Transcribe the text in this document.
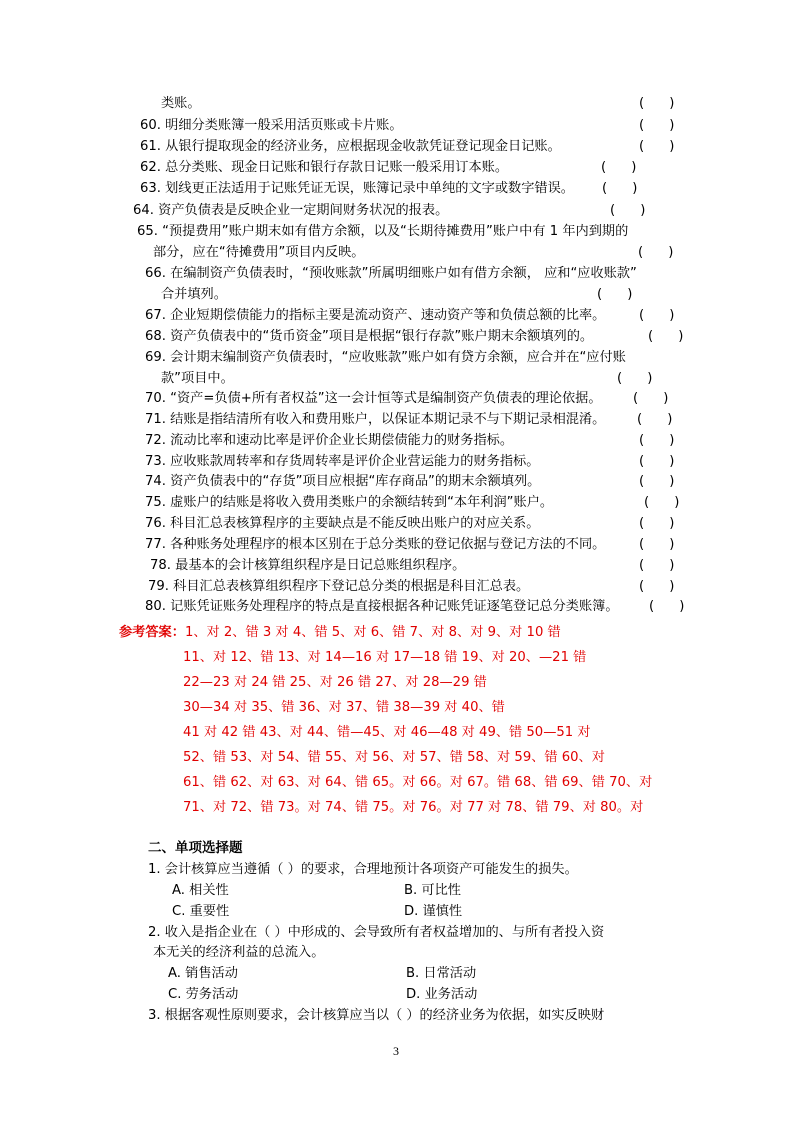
类账。	(      )
60. 明细分类账簿一般采用活页账或卡片账。	(      )
61. 从银行提取现金的经济业务，应根据现金收款凭证登记现金日记账。	(      )
62. 总分类账、现金日记账和银行存款日记账一般采用订本账。	(      )
63. 划线更正法适用于记账凭证无误，账簿记录中单纯的文字或数字错误。 (      )
64. 资产负债表是反映企业一定期间财务状况的报表。	(      )
65. “预提费用”账户期末如有借方余额，以及“长期待摊费用”账户中有 1 年内到期的
部分，应在“待摊费用”项目内反映。	(      )
66. 在编制资产负债表时，“预收账款”所属明细账户如有借方余额， 应和“应收账款”
合并填列。	(      )
67. 企业短期偿债能力的指标主要是流动资产、速动资产等和负债总额的比率。	(      )
68. 资产负债表中的“货币资金”项目是根据“银行存款”账户期末余额填列的。	(      )
69. 会计期末编制资产负债表时，“应收账款”账户如有贷方余额，应合并在“应付账
款”项目中。	(      )
70. “资产=负债+所有者权益”这一会计恒等式是编制资产负债表的理论依据。 (      )
71. 结账是指结清所有收入和费用账户，以保证本期记录不与下期记录相混淆。 (      )
72. 流动比率和速动比率是评价企业长期偿债能力的财务指标。	(      )
73. 应收账款周转率和存货周转率是评价企业营运能力的财务指标。	(      )
74. 资产负债表中的“存货”项目应根据“库存商品”的期末余额填列。	(      )
75. 虚账户的结账是将收入费用类账户的余额结转到“本年利润”账户。	(      )
76. 科目汇总表核算程序的主要缺点是不能反映出账户的对应关系。	(      )
77. 各种账务处理程序的根本区别在于总分类账的登记依据与登记方法的不同。	(      )
78. 最基本的会计核算组织程序是日记总账组织程序。	(      )
79. 科目汇总表核算组织程序下登记总分类的根据是科目汇总表。	(      )
80. 记账凭证账务处理程序的特点是直接根据各种记账凭证逐笔登记总分类账簿。 (      )
参考答案：1、对 2、错 3 对 4、错 5、对 6、错 7、对 8、对 9、对 10 错
11、对 12、错 13、对 14—16 对 17—18 错 19、对 20、—21 错
22—23 对 24 错 25、对 26 错 27、对 28—29 错
30—34 对 35、错 36、对 37、错 38—39 对 40、错
41 对 42 错 43、对 44、错—45、对 46—48 对 49、错 50—51 对
52、错 53、对 54、错 55、对 56、对 57、错 58、对 59、错 60、对
61、错 62、对 63、对 64、错 65。对 66。对 67。错 68、错 69、错 70、对
71、对 72、错 73。对 74、错 75。对 76。对 77 对 78、错 79、对 80。对
二、单项选择题
1. 会计核算应当遵循（ ）的要求，合理地预计各项资产可能发生的损失。
A. 相关性	B. 可比性
C. 重要性	D. 谨慎性
2. 收入是指企业在（ ）中形成的、会导致所有者权益增加的、与所有者投入资
本无关的经济利益的总流入。
A. 销售活动	B. 日常活动
C. 劳务活动	D. 业务活动
3. 根据客观性原则要求，会计核算应当以（ ）的经济业务为依据，如实反映财
3
